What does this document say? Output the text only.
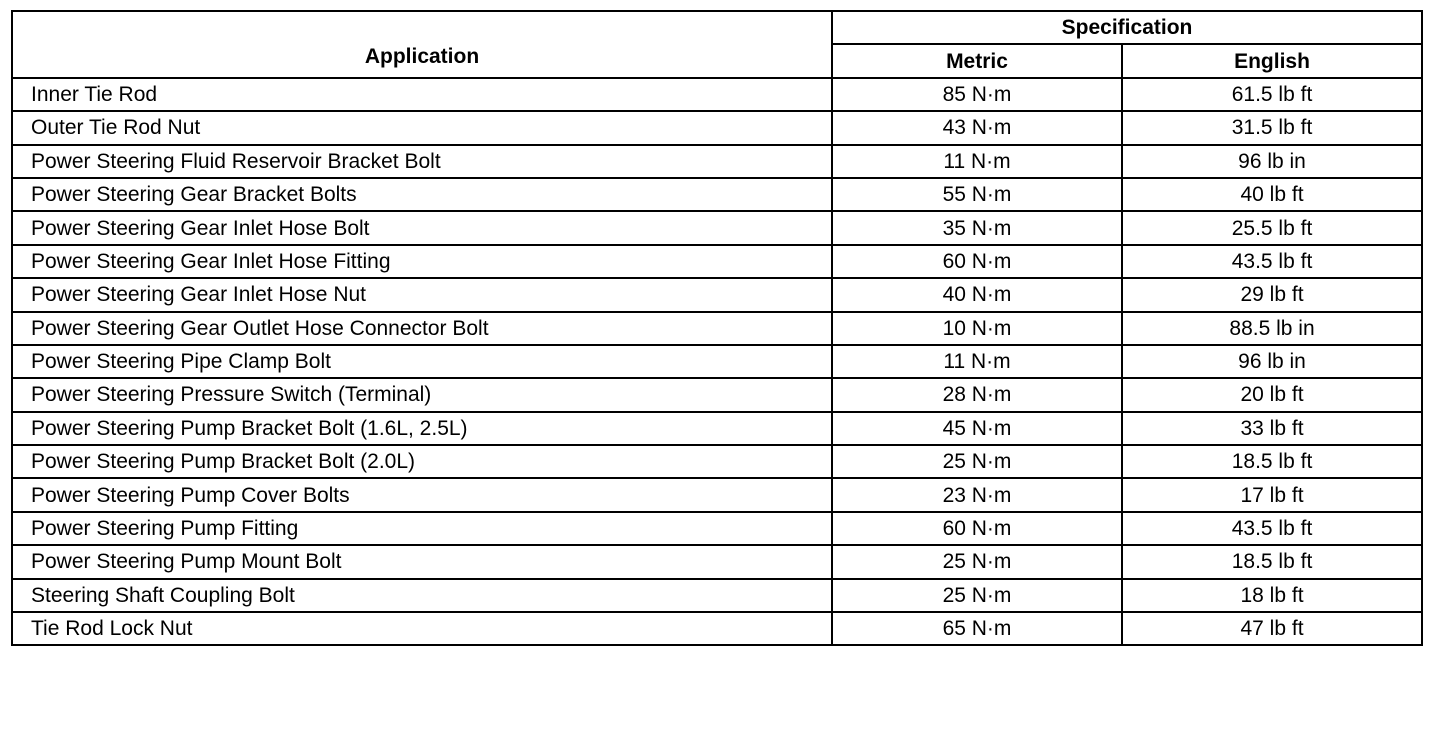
Application	Specification	
	Metric	English
Inner Tie Rod	85 N·m	61.5 lb ft
Outer Tie Rod Nut	43 N·m	31.5 lb ft
Power Steering Fluid Reservoir Bracket Bolt	11 N·m	96 lb in
Power Steering Gear Bracket Bolts	55 N·m	40 lb ft
Power Steering Gear Inlet Hose Bolt	35 N·m	25.5 lb ft
Power Steering Gear Inlet Hose Fitting	60 N·m	43.5 lb ft
Power Steering Gear Inlet Hose Nut	40 N·m	29 lb ft
Power Steering Gear Outlet Hose Connector Bolt	10 N·m	88.5 lb in
Power Steering Pipe Clamp Bolt	11 N·m	96 lb in
Power Steering Pressure Switch (Terminal)	28 N·m	20 lb ft
Power Steering Pump Bracket Bolt (1.6L, 2.5L)	45 N·m	33 lb ft
Power Steering Pump Bracket Bolt (2.0L)	25 N·m	18.5 lb ft
Power Steering Pump Cover Bolts	23 N·m	17 lb ft
Power Steering Pump Fitting	60 N·m	43.5 lb ft
Power Steering Pump Mount Bolt	25 N·m	18.5 lb ft
Steering Shaft Coupling Bolt	25 N·m	18 lb ft
Tie Rod Lock Nut	65 N·m	47 lb ft
